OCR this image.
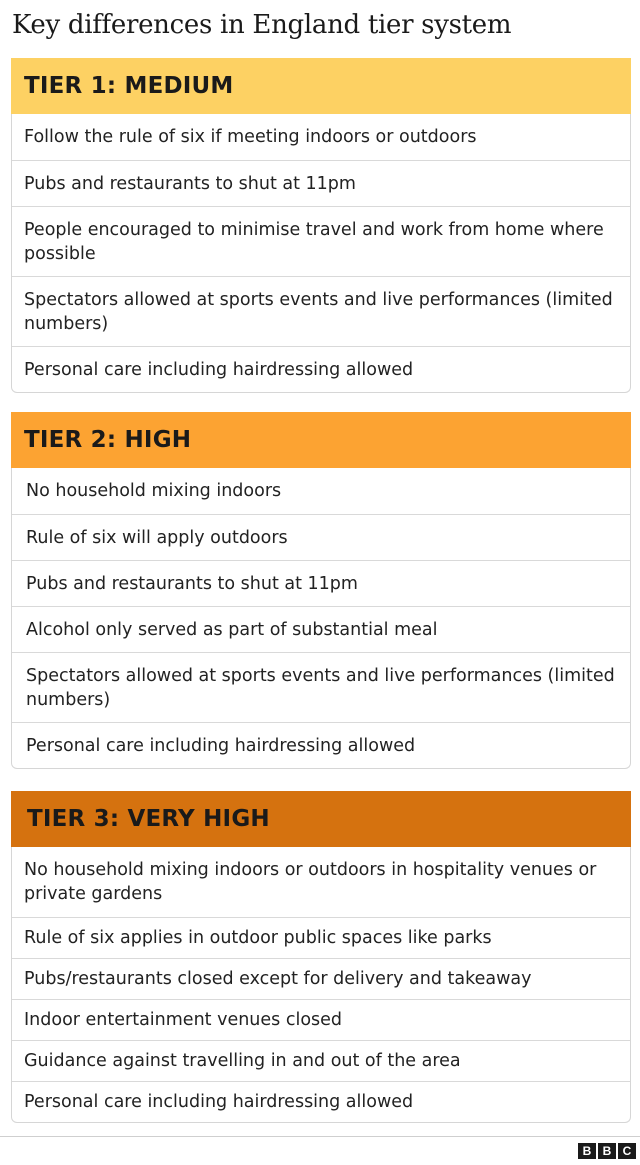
Key differences in England tier system
TIER 1: MEDIUM
Follow the rule of six if meeting indoors or outdoors
Pubs and restaurants to shut at 11pm
People encouraged to minimise travel and work from home where possible
Spectators allowed at sports events and live performances (limited numbers)
Personal care including hairdressing allowed
TIER 2: HIGH
No household mixing indoors
Rule of six will apply outdoors
Pubs and restaurants to shut at 11pm
Alcohol only served as part of substantial meal
Spectators allowed at sports events and live performances (limited numbers)
Personal care including hairdressing allowed
TIER 3: VERY HIGH
No household mixing indoors or outdoors in hospitality venues or private gardens
Rule of six applies in outdoor public spaces like parks
Pubs/restaurants closed except for delivery and takeaway
Indoor entertainment venues closed
Guidance against travelling in and out of the area
Personal care including hairdressing allowed
B B C
